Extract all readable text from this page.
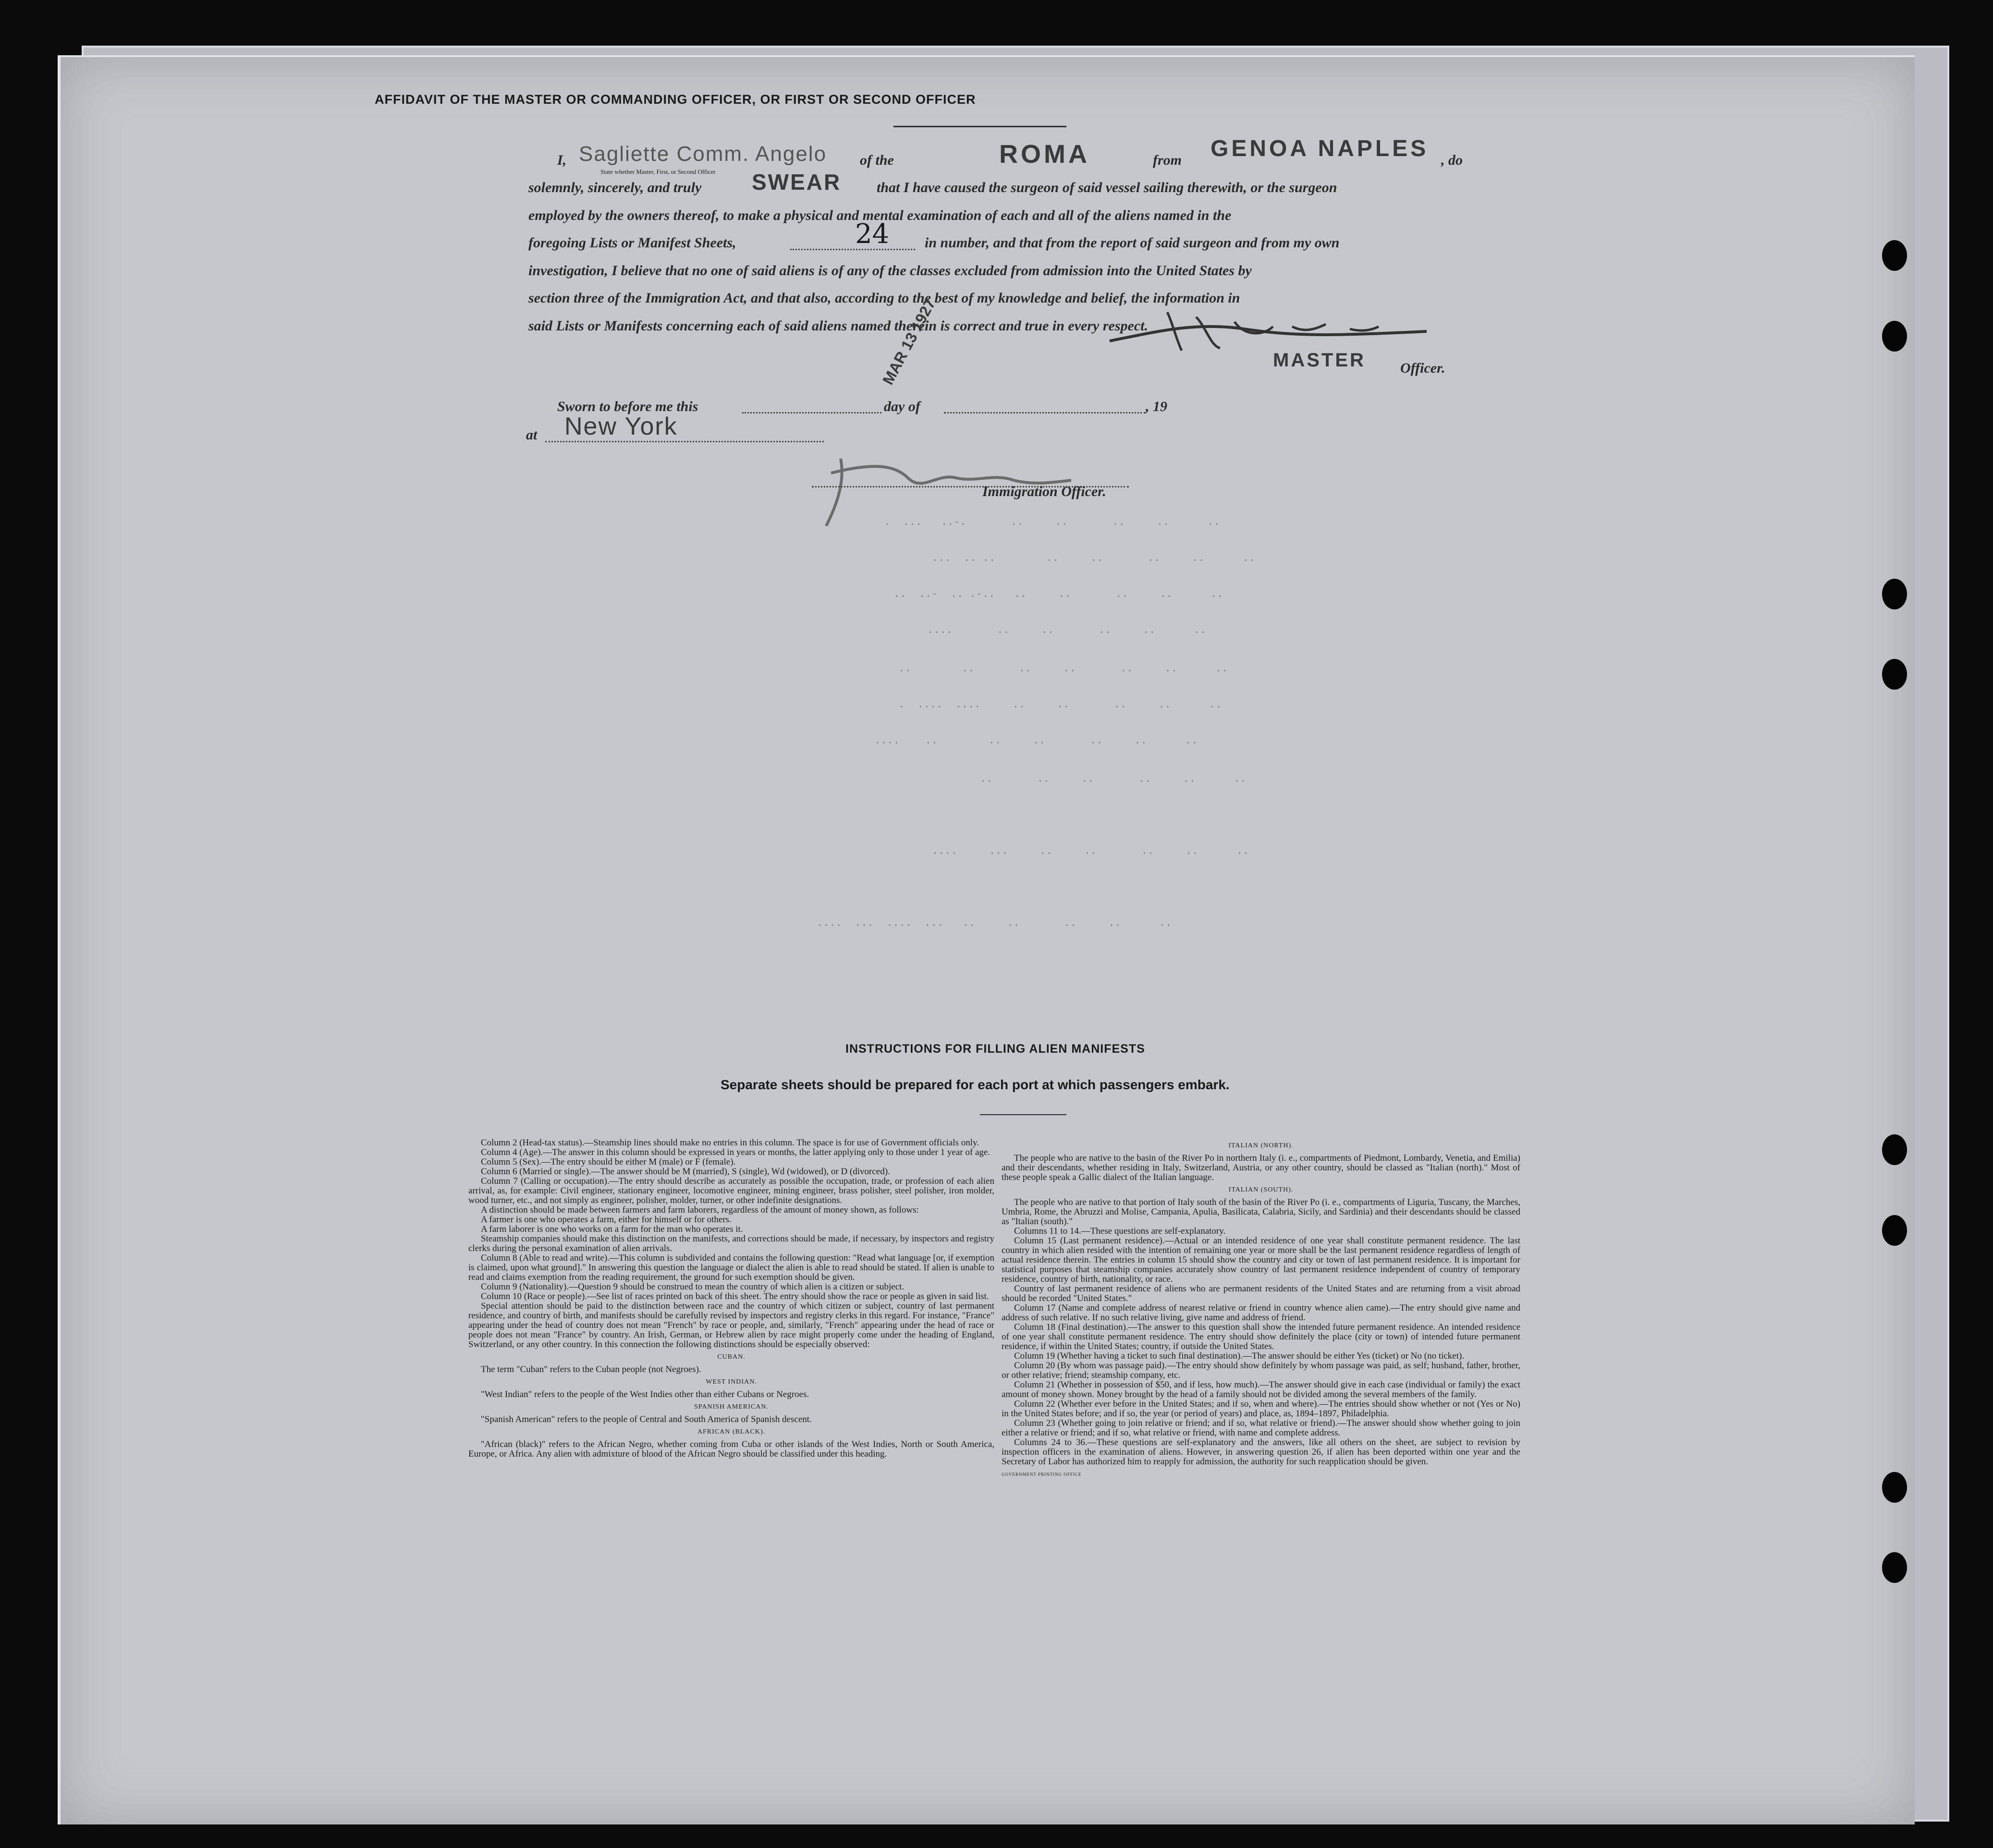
AFFIDAVIT OF THE MASTER OR COMMANDING OFFICER, OR FIRST OR SECOND OFFICER
I, Sagliette Comm. Angelo of the	ROMA	from GENOA NAPLES , do
State whether Master, First, or Second Officer
solemnly, sincerely, and truly SWEAR that I have caused the surgeon of said vessel sailing therewith, or the surgeon
employed by the owners thereof, to make a physical and mental examination of each and all of the aliens named in the
foregoing Lists or Manifest Sheets,	24 in number, and that from the report of said surgeon and from my own
investigation, I believe that no one of said aliens is of any of the classes excluded from admission into the United States by
section three of the Immigration Act, and that also, according to the best of my knowledge and belief, the information in
said Lists or Manifests concerning each of said aliens named therein is correct and true in every respect.
MASTER Officer.
Sworn to before me this	day of
MAR 13 1927
, 19
at New York
Immigration Officer.
.  ...   ..-.       ..     ..       ..     ..      ..
...  .. ..        ..     ..       ..     ..      ..
..  ..-  .. .-..   ..     ..       ..     ..      ..
....       ..     ..       ..     ..      ..
..        ..       ..     ..       ..     ..      ..
.  ....  ....     ..     ..       ..     ..      ..
....    ..        ..     ..       ..     ..      ..
..       ..     ..       ..     ..      ..
....     ...     ..     ..       ..     ..      ..
....  ...  ....  ...   ..     ..       ..     ..      ..
INSTRUCTIONS FOR FILLING ALIEN MANIFESTS
Separate sheets should be prepared for each port at which passengers embark.

Column 2 (Head-tax status).—Steamship lines should make no entries in this column. The space is for use of Government officials only.

Column 4 (Age).—The answer in this column should be expressed in years or months, the latter applying only to those under 1 year of age.

Column 5 (Sex).—The entry should be either M (male) or F (female).

Column 6 (Married or single).—The answer should be M (married), S (single), Wd (widowed), or D (divorced).

Column 7 (Calling or occupation).—The entry should describe as accurately as possible the occupation, trade, or profession of each alien arrival, as, for example: Civil engineer, stationary engineer, locomotive engineer, mining engineer, brass polisher, steel polisher, iron molder, wood turner, etc., and not simply as engineer, polisher, molder, turner, or other indefinite designations.

A distinction should be made between farmers and farm laborers, regardless of the amount of money shown, as follows:

A farmer is one who operates a farm, either for himself or for others.

A farm laborer is one who works on a farm for the man who operates it.

Steamship companies should make this distinction on the manifests, and corrections should be made, if necessary, by inspectors and registry clerks during the personal examination of alien arrivals.

Column 8 (Able to read and write).—This column is subdivided and contains the following question: "Read what language [or, if exemption is claimed, upon what ground]." In answering this question the language or dialect the alien is able to read should be stated. If alien is unable to read and claims exemption from the reading requirement, the ground for such exemption should be given.

Column 9 (Nationality).—Question 9 should be construed to mean the country of which alien is a citizen or subject.

Column 10 (Race or people).—See list of races printed on back of this sheet. The entry should show the race or people as given in said list.

Special attention should be paid to the distinction between race and the country of which citizen or subject, country of last permanent residence, and country of birth, and manifests should be carefully revised by inspectors and registry clerks in this regard. For instance, "France" appearing under the head of country does not mean "French" by race or people, and, similarly, "French" appearing under the head of race or people does not mean "France" by country. An Irish, German, or Hebrew alien by race might properly come under the heading of England, Switzerland, or any other country. In this connection the following distinctions should be especially observed:

CUBAN.

The term "Cuban" refers to the Cuban people (not Negroes).

WEST INDIAN.

"West Indian" refers to the people of the West Indies other than either Cubans or Negroes.

SPANISH AMERICAN.

"Spanish American" refers to the people of Central and South America of Spanish descent.

AFRICAN (BLACK).

"African (black)" refers to the African Negro, whether coming from Cuba or other islands of the West Indies, North or South America, Europe, or Africa. Any alien with admixture of blood of the African Negro should be classified under this heading.

ITALIAN (NORTH).

The people who are native to the basin of the River Po in northern Italy (i. e., compartments of Piedmont, Lombardy, Venetia, and Emilia) and their descendants, whether residing in Italy, Switzerland, Austria, or any other country, should be classed as "Italian (north)." Most of these people speak a Gallic dialect of the Italian language.

ITALIAN (SOUTH).

The people who are native to that portion of Italy south of the basin of the River Po (i. e., compartments of Liguria, Tuscany, the Marches, Umbria, Rome, the Abruzzi and Molise, Campania, Apulia, Basilicata, Calabria, Sicily, and Sardinia) and their descendants should be classed as "Italian (south)."

Columns 11 to 14.—These questions are self-explanatory.

Column 15 (Last permanent residence).—Actual or an intended residence of one year shall constitute permanent residence. The last country in which alien resided with the intention of remaining one year or more shall be the last permanent residence regardless of length of actual residence therein. The entries in column 15 should show the country and city or town of last permanent residence. It is important for statistical purposes that steamship companies accurately show country of last permanent residence independent of country of temporary residence, country of birth, nationality, or race.

Country of last permanent residence of aliens who are permanent residents of the United States and are returning from a visit abroad should be recorded "United States."

Column 17 (Name and complete address of nearest relative or friend in country whence alien came).—The entry should give name and address of such relative. If no such relative living, give name and address of friend.

Column 18 (Final destination).—The answer to this question shall show the intended future permanent residence. An intended residence of one year shall constitute permanent residence. The entry should show definitely the place (city or town) of intended future permanent residence, if within the United States; country, if outside the United States.

Column 19 (Whether having a ticket to such final destination).—The answer should be either Yes (ticket) or No (no ticket).

Column 20 (By whom was passage paid).—The entry should show definitely by whom passage was paid, as self; husband, father, brother, or other relative; friend; steamship company, etc.

Column 21 (Whether in possession of $50, and if less, how much).—The answer should give in each case (individual or family) the exact amount of money shown. Money brought by the head of a family should not be divided among the several members of the family.

Column 22 (Whether ever before in the United States; and if so, when and where).—The entries should show whether or not (Yes or No) in the United States before; and if so, the year (or period of years) and place, as, 1894–1897, Philadelphia.

Column 23 (Whether going to join relative or friend; and if so, what relative or friend).—The answer should show whether going to join either a relative or friend; and if so, what relative or friend, with name and complete address.

Columns 24 to 36.—These questions are self-explanatory and the answers, like all others on the sheet, are subject to revision by inspection officers in the examination of aliens. However, in answering question 26, if alien has been deported within one year and the Secretary of Labor has authorized him to reapply for admission, the authority for such reapplication should be given.

GOVERNMENT PRINTING OFFICE
